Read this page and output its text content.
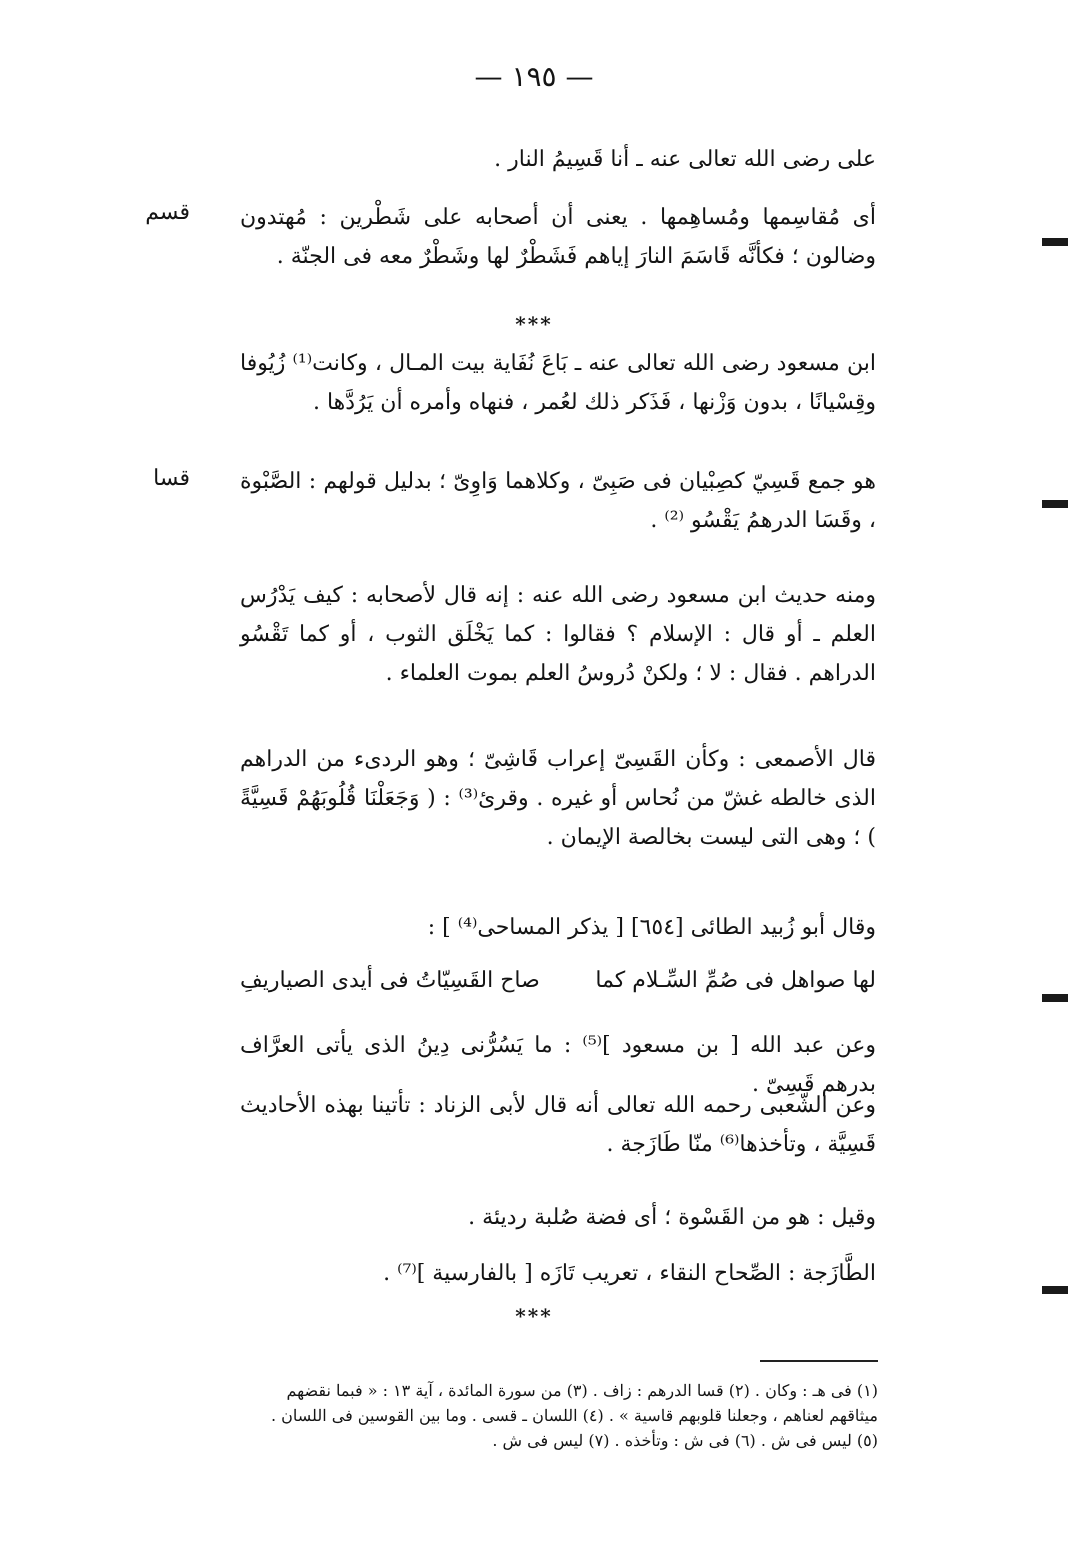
— ١٩٥ —
على رضى الله تعالى عنه ـ أنا قَسِيمُ النار .
قسم أى مُقاسِمها ومُساهِمها . يعنى أن أصحابه على شَطْرين : مُهتدون وضالون ؛ فكأنَّه قَاسَمَ النارَ إياهم فَشَطْرٌ لها وشَطْرٌ معه فى الجنّة .
***
ابن مسعود رضى الله تعالى عنه ـ بَاعَ نُفَاية بيت المـال ، وكانت⁽¹⁾ زُيُوفا وقِسْيانًا ، بدون وَزْنها ، فَذَكر ذلك لعُمر ، فنهاه وأمره أن يَرُدَّها .
قسا هو جمع قَسِيّ كصِبْيان فى صَبِىّ ، وكلاهما وَاوِىّ ؛ بدليل قولهم : الصَّبْوة ، وقَسَا الدرهمُ يَقْسُو ⁽²⁾ .
ومنه حديث ابن مسعود رضى الله عنه : إنه قال لأصحابه : كيف يَدْرُس العلم ـ أو قال : الإسلام ؟ فقالوا : كما يَخْلَق الثوب ، أو كما تَقْسُو الدراهم . فقال : لا ؛ ولكنْ دُروسُ العلم بموت العلماء .
قال الأصمعى : وكأن القَسِىّ إعراب قَاشِىّ ؛ وهو الردىء من الدراهم الذى خالطه غشّ من نُحاس أو غيره . وقرئ⁽³⁾ : ( وَجَعَلْنَا قُلُوبَهُمْ قَسِيَّةً ) ؛ وهى التى ليست بخالصة الإيمان .
وقال أبو زُبيد الطائى [٦٥٤] [ يذكر المساحى⁽⁴⁾ ] :
لها صواهل فى صُمِّ السِّـلام كما
صاح القَسِيّاتُ فى أيدى الصياريفِ
وعن عبد الله [ بن مسعود ]⁽⁵⁾ : ما يَسُرُّنى دِينُ الذى يأتى العرَّاف بدرهم قَسِىّ .
وعن الشّعبى رحمه الله تعالى أنه قال لأبى الزناد : تأتينا بهذه الأحاديث قَسِيَّة ، وتأخذها⁽⁶⁾ منّا طَازَجة .
وقيل : هو من القَسْوة ؛ أى فضة صُلبة رديئة .
الطَّازَجة : الصِّحاح النقاء ، تعريب تَازَه [ بالفارسية ]⁽⁷⁾ .
***
(١) فى هـ : وكان . (٢) قسا الدرهم : زاف . (٣) من سورة المائدة ، آية ١٣ : « فبما نقضهم
ميثاقهم لعناهم ، وجعلنا قلوبهم قاسية » . (٤) اللسان ـ قسى . وما بين القوسين فى اللسان .
(٥) ليس فى ش . (٦) فى ش : وتأخذه . (٧) ليس فى ش .
